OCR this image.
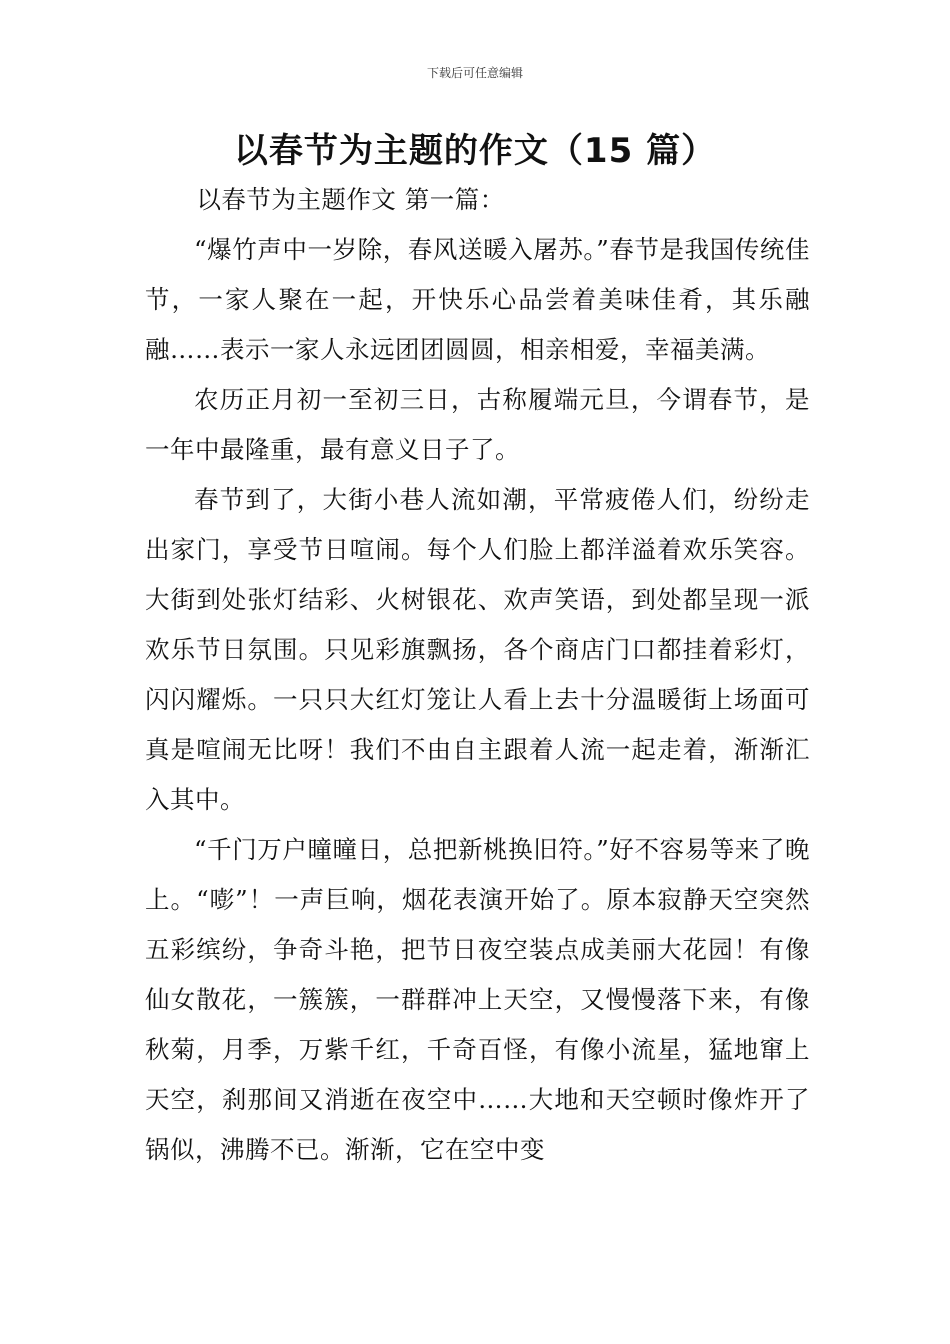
下载后可任意编辑
以春节为主题的作文（15 篇）

以春节为主题作文 第一篇：

“爆竹声中一岁除，春风送暖入屠苏。”春节是我国传统佳节，一家人聚在一起，开快乐心品尝着美味佳肴，其乐融融……表示一家人永远团团圆圆，相亲相爱，幸福美满。

农历正月初一至初三日，古称履端元旦，今谓春节，是一年中最隆重，最有意义日子了。

春节到了，大街小巷人流如潮，平常疲倦人们，纷纷走出家门，享受节日喧闹。每个人们脸上都洋溢着欢乐笑容。大街到处张灯结彩、火树银花、欢声笑语，到处都呈现一派欢乐节日氛围。只见彩旗飘扬，各个商店门口都挂着彩灯，闪闪耀烁。一只只大红灯笼让人看上去十分温暖街上场面可真是喧闹无比呀！我们不由自主跟着人流一起走着，渐渐汇入其中。

“千门万户曈曈日，总把新桃换旧符。”好不容易等来了晚上。“嘭”！一声巨响，烟花表演开始了。原本寂静天空突然五彩缤纷，争奇斗艳，把节日夜空装点成美丽大花园！有像仙女散花，一簇簇，一群群冲上天空，又慢慢落下来，有像秋菊，月季，万紫千红，千奇百怪，有像小流星，猛地窜上天空，刹那间又消逝在夜空中……大地和天空顿时像炸开了锅似，沸腾不已。渐渐，它在空中变
